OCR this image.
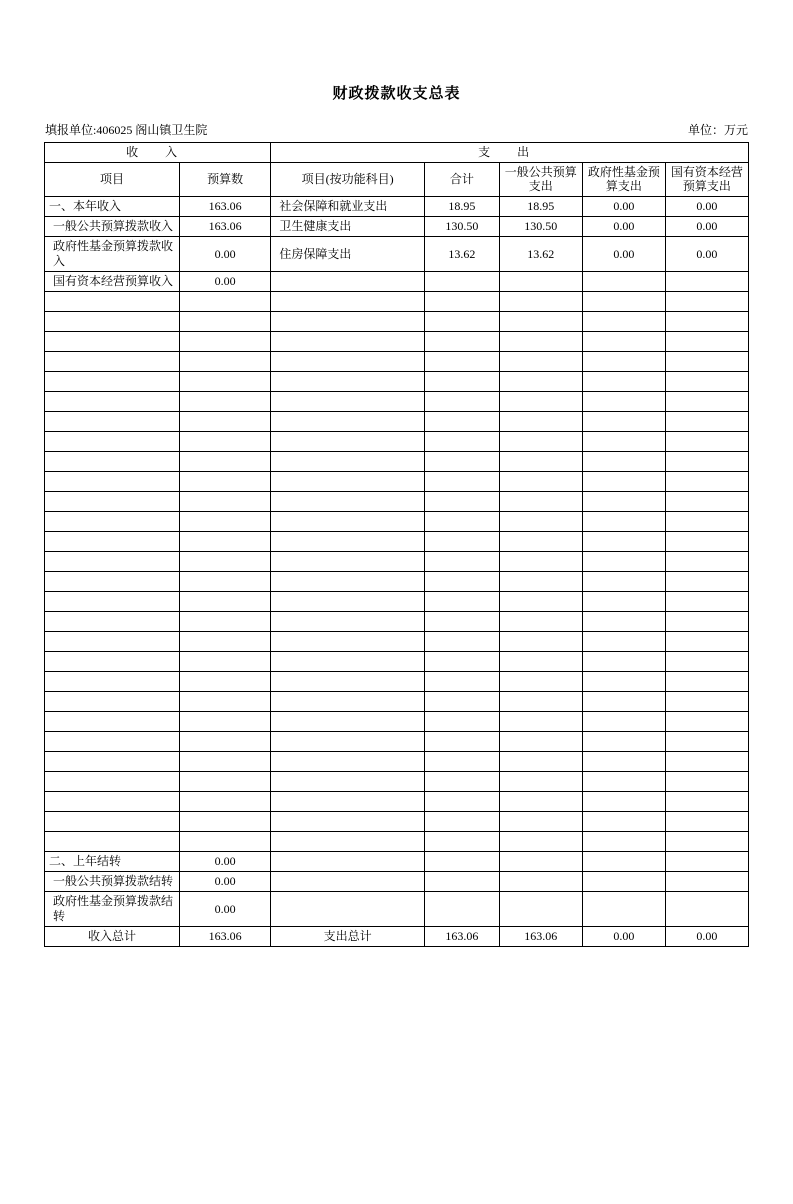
财政拨款收支总表
填报单位:406025 阁山镇卫生院	单位：万元
收 入		支 出				

项目	预算数	项目(按功能科目)	合计	一般公共预算支出	政府性基金预算支出	国有资本经营预算支出

一、本年收入	163.06	社会保障和就业支出	18.95	18.95	0.00	0.00

一般公共预算拨款收入	163.06	卫生健康支出	130.50	130.50	0.00	0.00

政府性基金预算拨款收入	0.00	住房保障支出	13.62	13.62	0.00	0.00

国有资本经营预算收入	0.00					

二、上年结转	0.00					

一般公共预算拨款结转	0.00					

政府性基金预算拨款结转	0.00					

收入总计	163.06	支出总计	163.06	163.06	0.00	0.00
